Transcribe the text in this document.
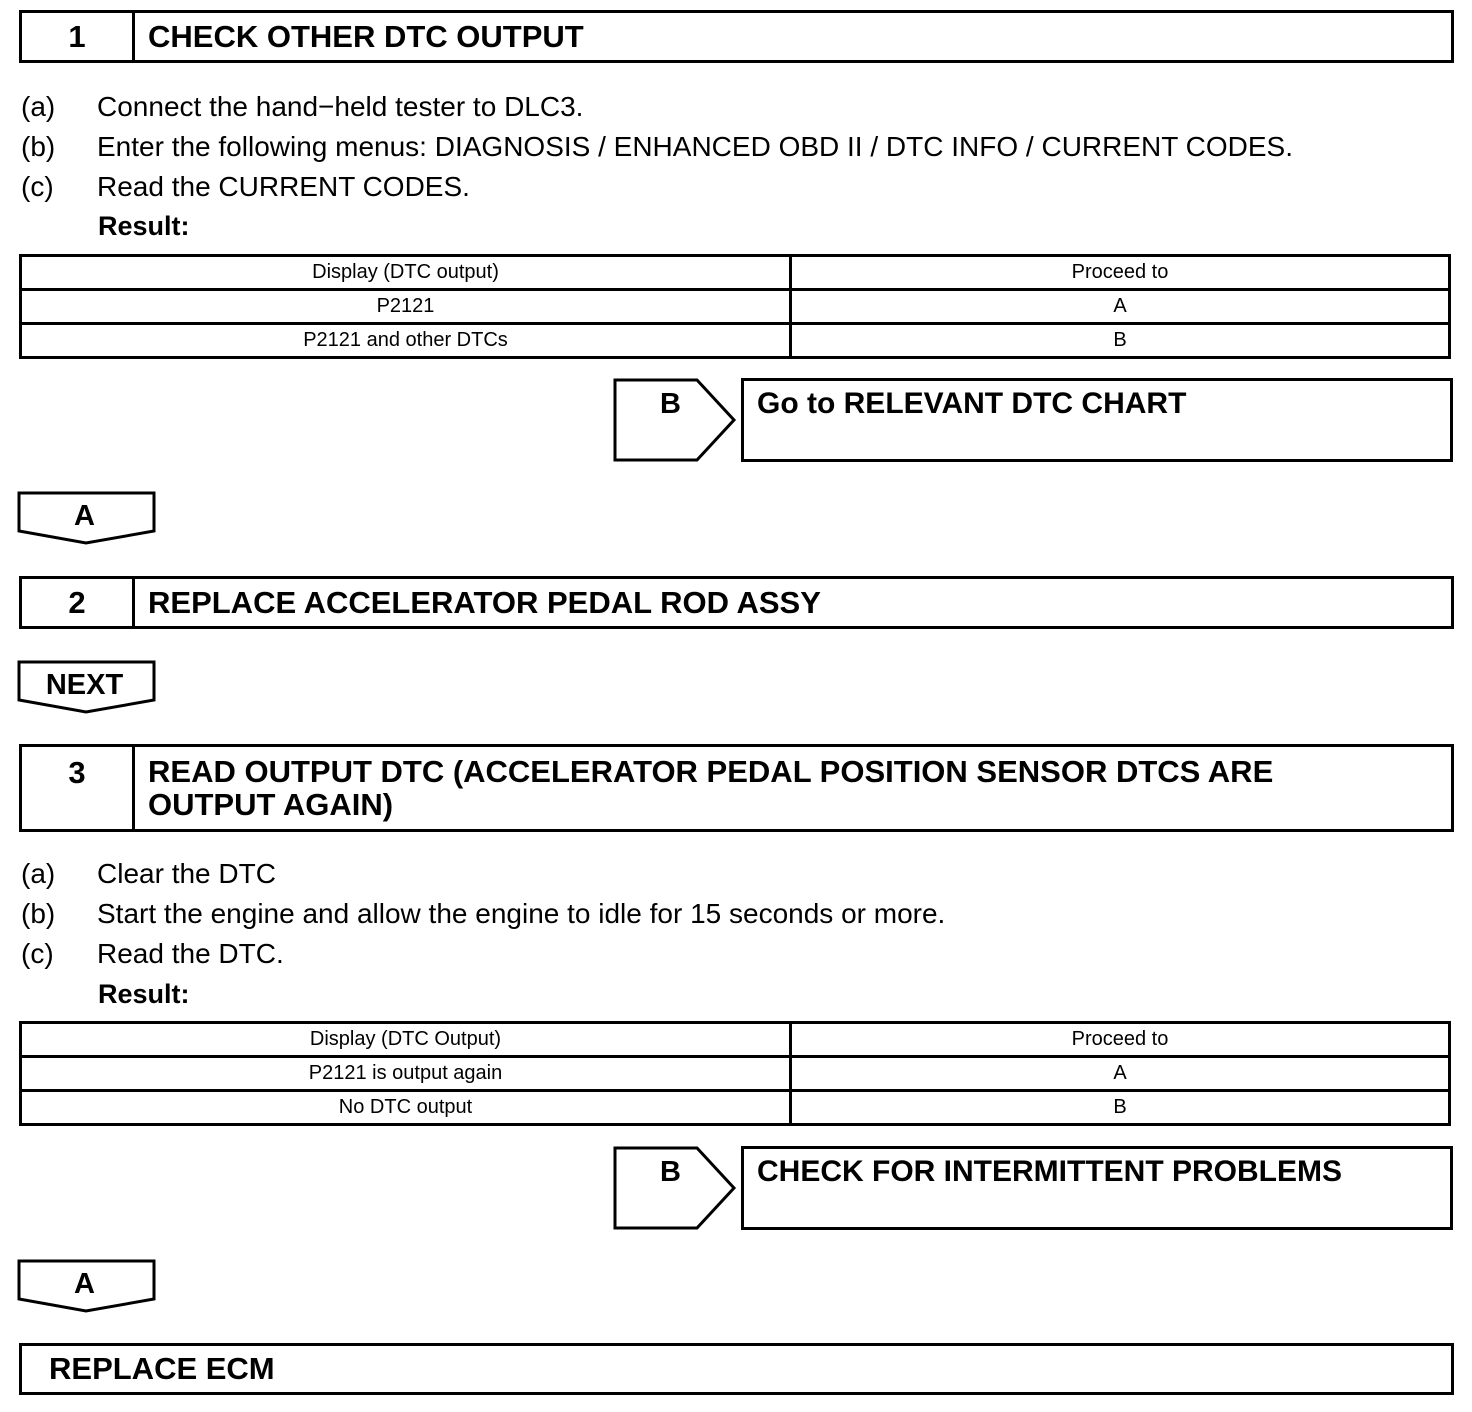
1	CHECK OTHER DTC OUTPUT
(a) Connect the hand−held tester to DLC3.
(b) Enter the following menus: DIAGNOSIS / ENHANCED OBD II / DTC INFO / CURRENT CODES.
(c) Read the CURRENT CODES.
Result:
Display (DTC output)	Proceed to
P2121	A
P2121 and other DTCs	B
B	Go to RELEVANT DTC CHART
A
2	REPLACE ACCELERATOR PEDAL ROD ASSY
NEXT
3	READ OUTPUT DTC (ACCELERATOR PEDAL POSITION SENSOR DTCS ARE
OUTPUT AGAIN)
(a) Clear the DTC
(b) Start the engine and allow the engine to idle for 15 seconds or more.
(c) Read the DTC.
Result:
Display (DTC Output)	Proceed to
P2121 is output again	A
No DTC output	B
B	CHECK FOR INTERMITTENT PROBLEMS
A
REPLACE ECM
